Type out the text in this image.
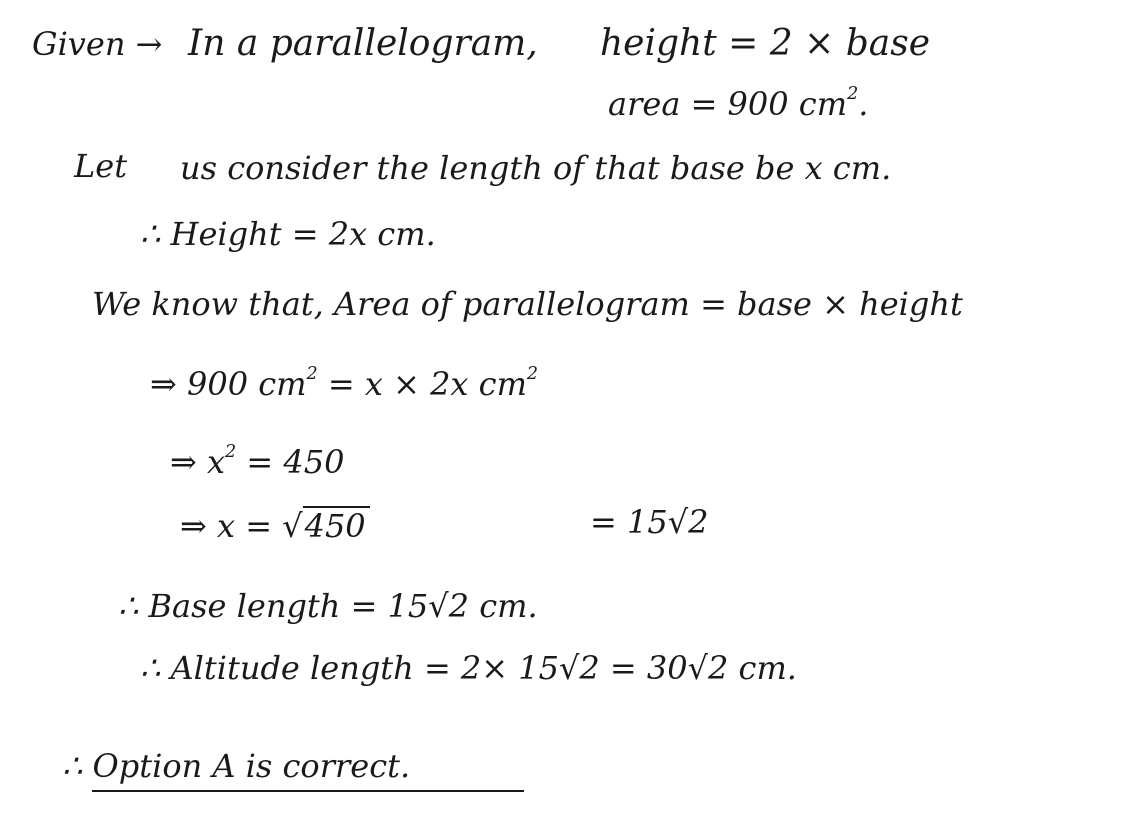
Given → In a parallelogram, height = 2 × base
area = 900 $cm^2$.
Let us consider the length of that base be x cm.
∴ Height = 2x cm.
We know that, Area of parallelogram = base × height
⇒ 900 $cm^2 = x \times 2x$ $cm^2$
⇒ $x^2 = 450$
⇒ x = √450	= 15√2
∴ Base length = 15√2 cm.
∴ Altitude length = 2× 15√2 = 30√2 cm.
∴ Option A is correct.
